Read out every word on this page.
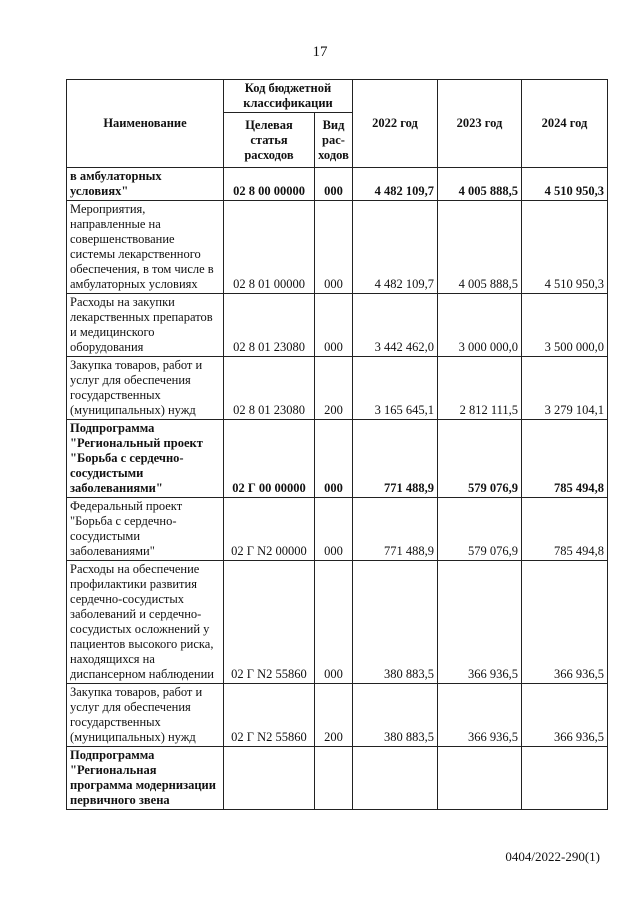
17
Наименование	Код бюджетной классификации		2022 год	2023 год	2024 год
	Целевая статья расходов	Вид рас-ходов			
в амбулаторных условиях"	02 8 00 00000	000	4 482 109,7	4 005 888,5	4 510 950,3
Мероприятия, направленные на совершенствование системы лекарственного обеспечения, в том числе в амбулаторных условиях	02 8 01 00000	000	4 482 109,7	4 005 888,5	4 510 950,3
Расходы на закупки лекарственных препаратов и медицинского оборудования	02 8 01 23080	000	3 442 462,0	3 000 000,0	3 500 000,0
Закупка товаров, работ и услуг для обеспечения государственных (муниципальных) нужд	02 8 01 23080	200	3 165 645,1	2 812 111,5	3 279 104,1
Подпрограмма "Региональный проект "Борьба с сердечно-сосудистыми заболеваниями"	02 Г 00 00000	000	771 488,9	579 076,9	785 494,8
Федеральный проект "Борьба с сердечно-сосудистыми заболеваниями"	02 Г N2 00000	000	771 488,9	579 076,9	785 494,8
Расходы на обеспечение профилактики развития сердечно-сосудистых заболеваний и сердечно-сосудистых осложнений у пациентов высокого риска, находящихся на диспансерном наблюдении	02 Г N2 55860	000	380 883,5	366 936,5	366 936,5
Закупка товаров, работ и услуг для обеспечения государственных (муниципальных) нужд	02 Г N2 55860	200	380 883,5	366 936,5	366 936,5
Подпрограмма "Региональная программа модернизации первичного звена					
0404/2022-290(1)
